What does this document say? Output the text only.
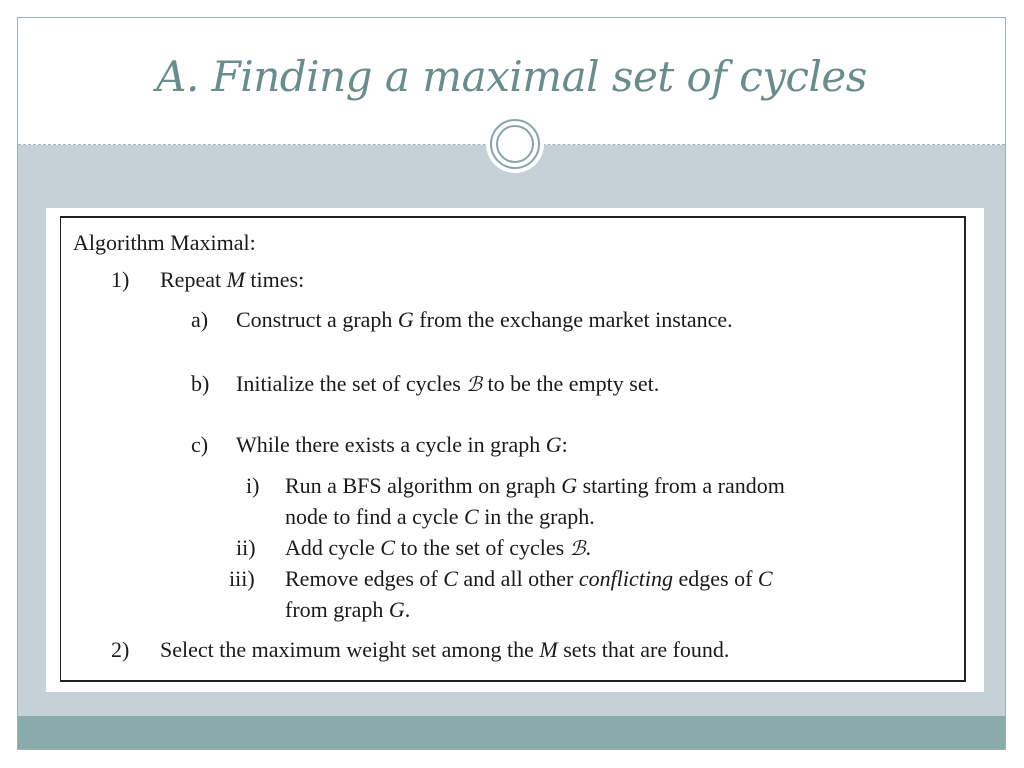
A. Finding a maximal set of cycles
Algorithm Maximal:
1) Repeat M times:
a) Construct a graph G from the exchange market instance.
b) Initialize the set of cycles ℬ to be the empty set.
c) While there exists a cycle in graph G:
i) Run a BFS algorithm on graph G starting from a random
node to find a cycle C in the graph.
ii) Add cycle C to the set of cycles ℬ.
iii) Remove edges of C and all other conflicting edges of C
from graph G.
2) Select the maximum weight set among the M sets that are found.
